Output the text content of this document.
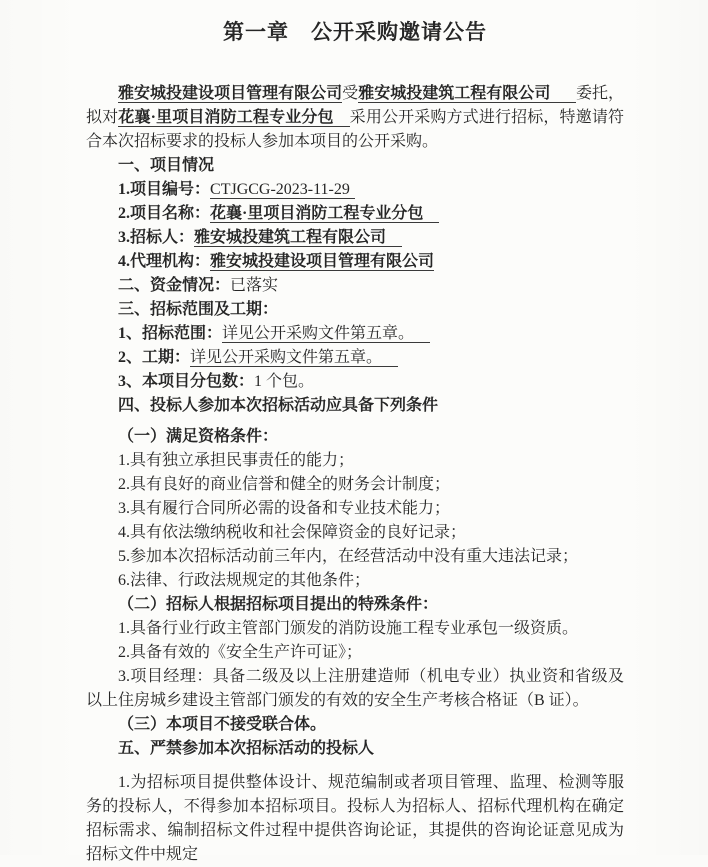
第一章　公开采购邀请公告

雅安城投建设项目管理有限公司受雅安城投建筑工程有限公司 委托，拟对花襄·里项目消防工程专业分包 采用公开采购方式进行招标，特邀请符合本次招标要求的投标人参加本项目的公开采购。

一、项目情况
1.项目编号：CTJGCG-2023-11-29
2.项目名称：花襄·里项目消防工程专业分包
3.招标人：雅安城投建筑工程有限公司
4.代理机构：雅安城投建设项目管理有限公司
二、资金情况：已落实
三、招标范围及工期：
1、招标范围：详见公开采购文件第五章。
2、工期：详见公开采购文件第五章。
3、本项目分包数：1 个包。
四、投标人参加本次招标活动应具备下列条件
（一）满足资格条件：
1.具有独立承担民事责任的能力；
2.具有良好的商业信誉和健全的财务会计制度；
3.具有履行合同所必需的设备和专业技术能力；
4.具有依法缴纳税收和社会保障资金的良好记录；
5.参加本次招标活动前三年内，在经营活动中没有重大违法记录；
6.法律、行政法规规定的其他条件；
（二）招标人根据招标项目提出的特殊条件：
1.具备行业行政主管部门颁发的消防设施工程专业承包一级资质。
2.具备有效的《安全生产许可证》；

3.项目经理：具备二级及以上注册建造师（机电专业）执业资和省级及以上住房城乡建设主管部门颁发的有效的安全生产考核合格证（B 证）。

（三）本项目不接受联合体。
五、严禁参加本次招标活动的投标人

1.为招标项目提供整体设计、规范编制或者项目管理、监理、检测等服务的投标人，不得参加本招标项目。投标人为招标人、招标代理机构在确定招标需求、编制招标文件过程中提供咨询论证，其提供的咨询论证意见成为招标文件中规定
